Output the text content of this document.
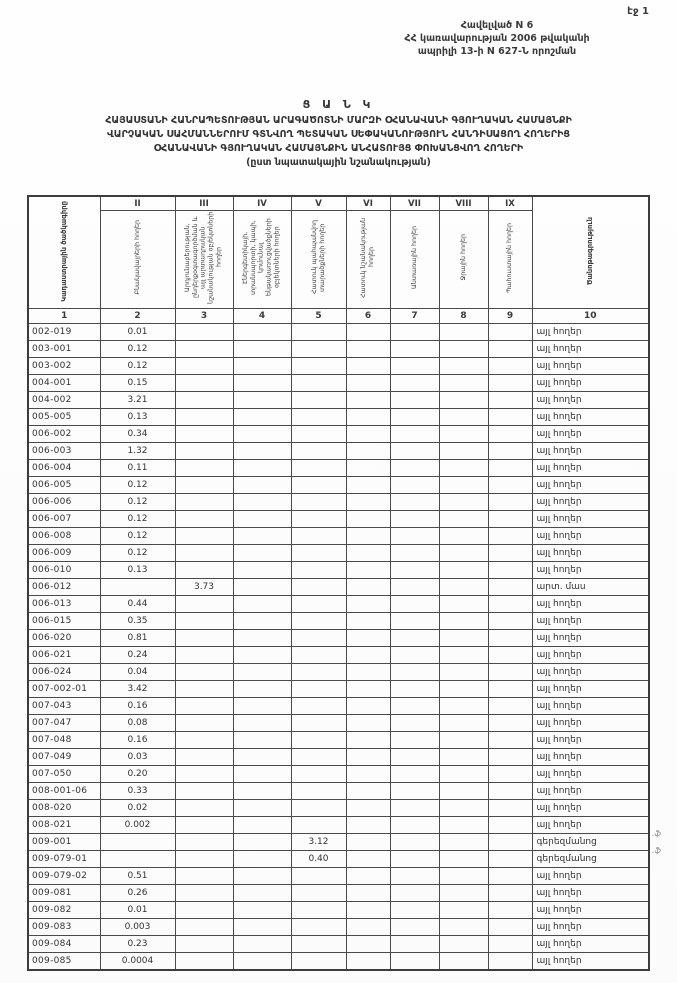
էջ 1
Հավելված N 6
ՀՀ կառավարության 2006 թվականի
ապրիլի 13-ի N 627-Ն որոշման
Ց Ա Ն Կ
ՀԱՅԱՍՏԱՆԻ ՀԱՆՐԱՊԵՏՈՒԹՅԱՆ ԱՐԱԳԱԾՈՏՆԻ ՄԱՐԶԻ ՕՀԱՆԱՎԱՆԻ ԳՅՈՒՂԱԿԱՆ ՀԱՄԱՅՆՔԻ
ՎԱՐՉԱԿԱՆ ՍԱՀՄԱՆՆԵՐՈՒՄ ԳՏՆՎՈՂ ՊԵՏԱԿԱՆ ՍԵՓԱԿԱՆՈՒԹՅՈՒՆ ՀԱՆԴԻՍԱՑՈՂ ՀՈՂԵՐԻՑ
ՕՀԱՆԱՎԱՆԻ ԳՅՈՒՂԱԿԱՆ ՀԱՄԱՅՆՔԻՆ ԱՆՀԱՏՈՒՅՑ ՓՈԽԱՆՑՎՈՂ ՀՈՂԵՐԻ
(ըստ նպատակային նշանակության)
Կադաստրային ծածկագիրը	II	III	IV	V	VI	VII	VIII	IX	Ծանոթագրություն
	Բնակավայրերի հողեր	Արդյունաբերության, ընդերքօգտագործման և այլ արտադրական նշանակության օբյեկտների հողեր	Էներգետիկայի, տրանսպորտի, կապի, կոմունալ ենթակառուցվածքների օբյեկտների հողեր	Հատուկ պահպանվող տարածքների հողեր	Հատուկ նշանակության հողեր	Անտառային հողեր	Ջրային հողեր	Պահուստային հողեր	
1	2	3	4	5	6	7	8	9	10
002-019	0.01								այլ հողեր
003-001	0.12								այլ հողեր
003-002	0.12								այլ հողեր
004-001	0.15								այլ հողեր
004-002	3.21								այլ հողեր
005-005	0.13								այլ հողեր
006-002	0.34								այլ հողեր
006-003	1.32								այլ հողեր
006-004	0.11								այլ հողեր
006-005	0.12								այլ հողեր
006-006	0.12								այլ հողեր
006-007	0.12								այլ հողեր
006-008	0.12								այլ հողեր
006-009	0.12								այլ հողեր
006-010	0.13								այլ հողեր
006-012		3.73							արտ. մաս
006-013	0.44								այլ հողեր
006-015	0.35								այլ հողեր
006-020	0.81								այլ հողեր
006-021	0.24								այլ հողեր
006-024	0.04								այլ հողեր
007-002-01	3.42								այլ հողեր
007-043	0.16								այլ հողեր
007-047	0.08								այլ հողեր
007-048	0.16								այլ հողեր
007-049	0.03								այլ հողեր
007-050	0.20								այլ հողեր
008-001-06	0.33								այլ հողեր
008-020	0.02								այլ հողեր
008-021	0.002								այլ հողեր
009-001				3.12					գերեզմանոց
009-079-01				0.40					գերեզմանոց
009-079-02	0.51								այլ հողեր
009-081	0.26								այլ հողեր
009-082	0.01								այլ հողեր
009-083	0.003								այլ հողեր
009-084	0.23								այլ հողեր
009-085	0.0004								այլ հողեր
.ֆ
.ֆ
